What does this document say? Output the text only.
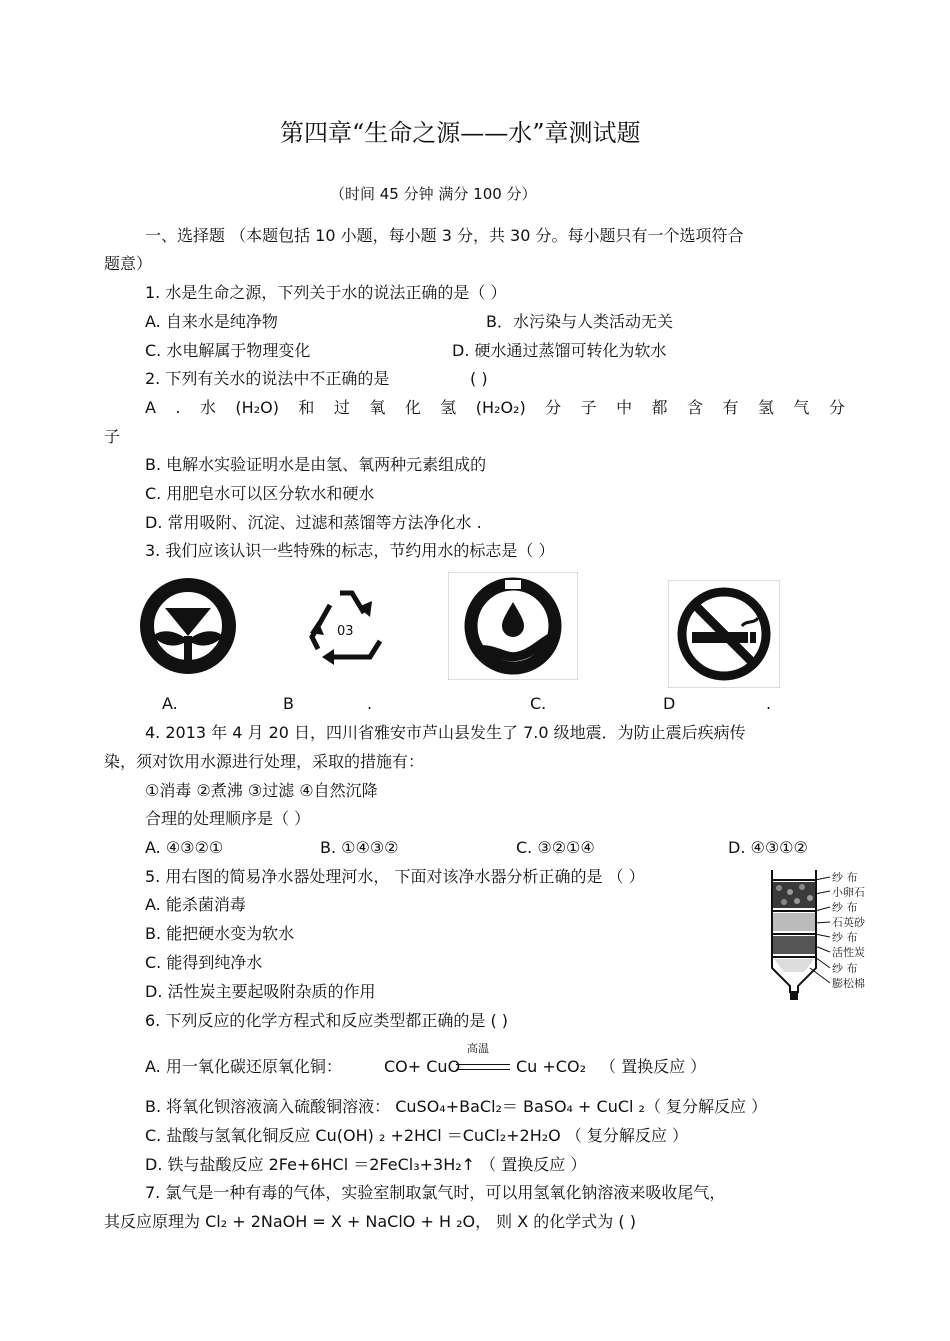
第四章“生命之源——水”章测试题
（时间 45 分钟 满分 100 分）
一、选择题 （本题包括 10 小题，每小题 3 分，共 30 分。每小题只有一个选项符合
题意）
1. 水是生命之源，下列关于水的说法正确的是（ ）
A. 自来水是纯净物	B．水污染与人类活动无关
C. 水电解属于物理变化	D. 硬水通过蒸馏可转化为软水
2. 下列有关水的说法中不正确的是	( )
A . 水 (H₂O) 和 过 氧 化 氢 (H₂O₂) 分 子 中 都 含 有 氢 气 分
子
B. 电解水实验证明水是由氢、氧两种元素组成的
C. 用肥皂水可以区分软水和硬水
D. 常用吸附、沉淀、过滤和蒸馏等方法净化水 .
3. 我们应该认识一些特殊的标志，节约用水的标志是（ ）
03
A.	B	.	C.	D	.
4. 2013 年 4 月 20 日，四川省雅安市芦山县发生了 7.0 级地震．为防止震后疾病传
染，须对饮用水源进行处理，采取的措施有：
①消毒 ②煮沸 ③过滤 ④自然沉降
合理的处理顺序是（ ）
A. ④③②①	B. ①④③②	C. ③②①④	D. ④③①②
5. 用右图的简易净水器处理河水， 下面对该净水器分析正确的是 （ ）
A. 能杀菌消毒
B. 能把硬水变为软水
C. 能得到纯净水
D. 活性炭主要起吸附杂质的作用
纱 布
小卵石
纱 布
石英砂
纱 布
活性炭
纱 布
膨松棉
6. 下列反应的化学方程式和反应类型都正确的是 ( )
A. 用一氧化碳还原氧化铜：	CO+ CuO
高温
Cu +CO₂ （ 置换反应 ）
B. 将氧化钡溶液滴入硫酸铜溶液： CuSO₄+BaCl₂＝ BaSO₄ + CuCl ₂（ 复分解反应 ）
C. 盐酸与氢氧化铜反应 Cu(OH) ₂ +2HCl ＝CuCl₂+2H₂O （ 复分解反应 ）
D. 铁与盐酸反应 2Fe+6HCl ＝2FeCl₃+3H₂↑ （ 置换反应 ）
7. 氯气是一种有毒的气体，实验室制取氯气时，可以用氢氧化钠溶液来吸收尾气，
其反应原理为 Cl₂ + 2NaOH = X + NaClO + H ₂O， 则 X 的化学式为 ( )
